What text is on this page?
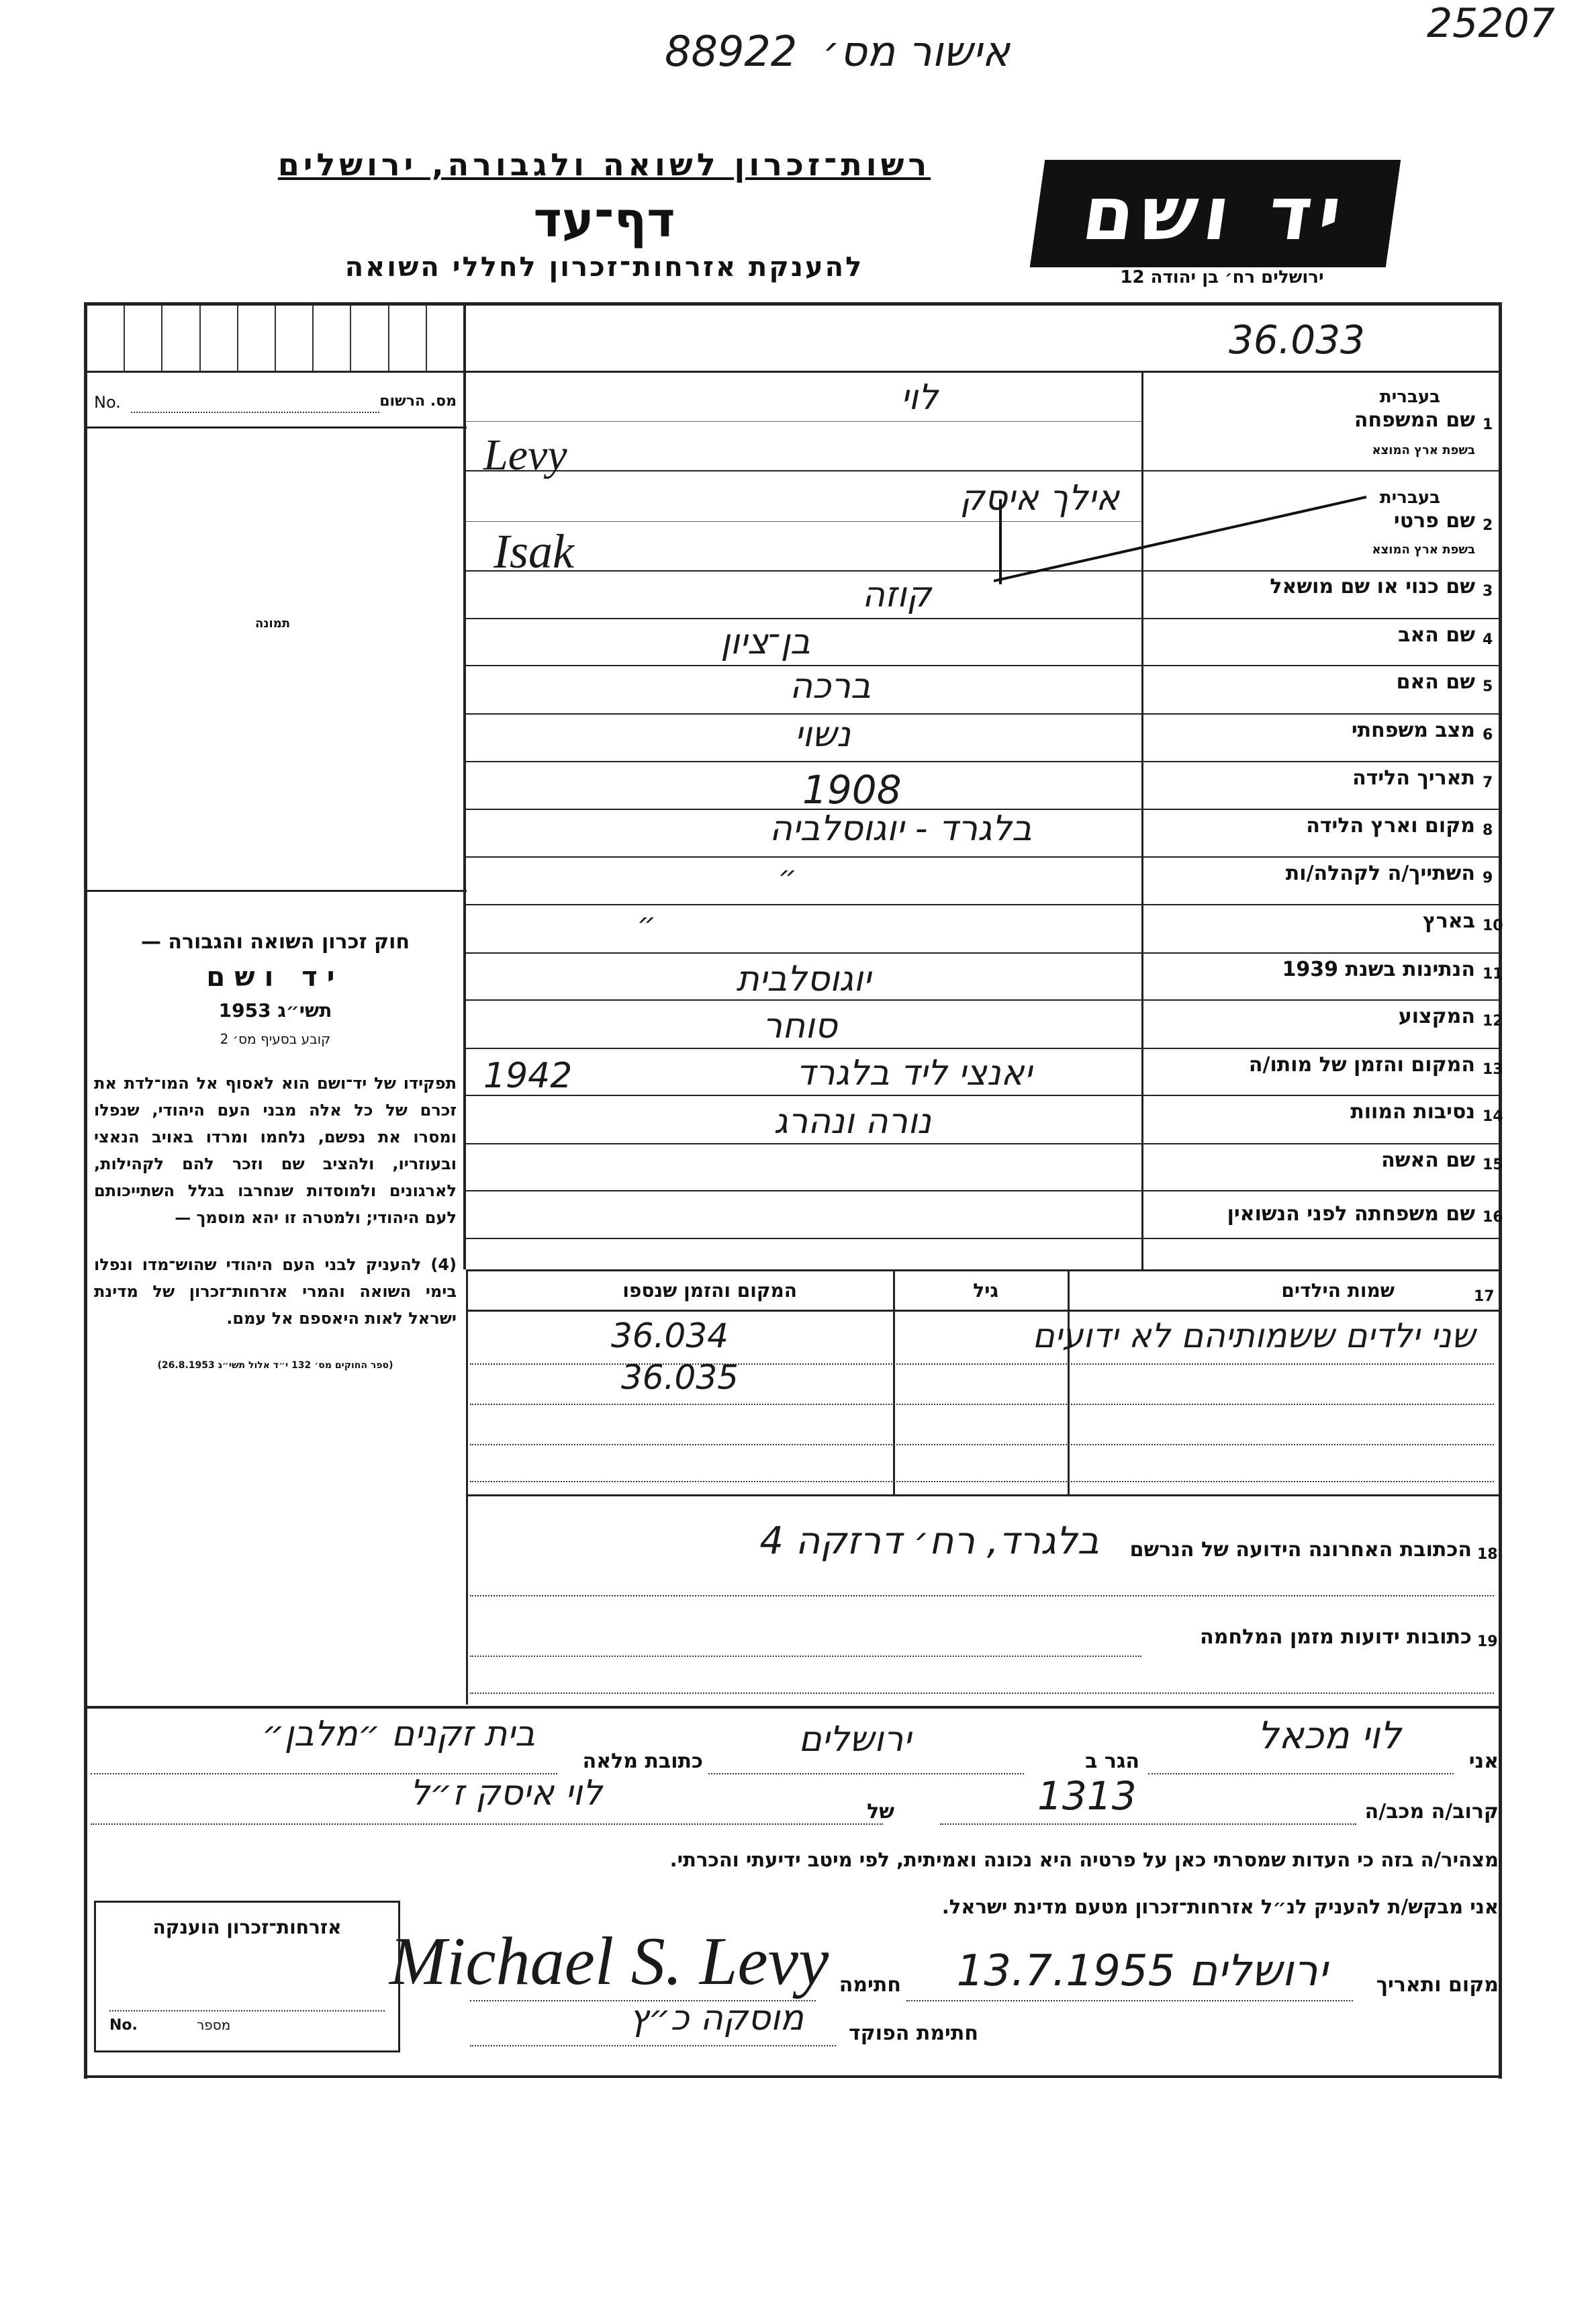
אישור מס׳ 88922
25207
רשות־זכרון לשואה ולגבורה, ירושלים
דף־עד
להענקת אזרחות־זכרון לחללי השואה
יד ושם
ירושלים רח׳ בן יהודה 12
36.033
No.	מס. הרשום
תמונה
חוק זכרון השואה והגבורה —
יד ושם
תשי״ג 1953
קובע בסעיף מס׳ 2
תפקידו של יד־ושם הוא לאסוף אל המו־לדת את זכרם של כל אלה מבני העם היהודי, שנפלו ומסרו את נפשם, נלחמו ומרדו באויב הנאצי ובעוזריו, ולהציב שם וזכר להם לקהילות, לארגונים ולמוסדות שנחרבו בגלל השתייכותם לעם היהודי; ולמטרה זו יהא מוסמך —
(4) להעניק לבני העם היהודי שהוש־מדו ונפלו בימי השואה והמרי אזרחות־זכרון של מדינת ישראל לאות היאספם אל עמם.
(ספר החוקים מס׳ 132 י״ד אלול תשי״ג 26.8.1953)
1
שם המשפחה
בעברית
בשפת ארץ המוצא
לוי
Levy
2
שם פרטי
בעברית
בשפת ארץ המוצא
אילך איסק
Isak
3
שם כנוי או שם מושאל
קוזה
4
שם האב
בן־ציון
5
שם האם
ברכה
6
מצב משפחתי
נשוי
7
תאריך הלידה
1908
8
מקום וארץ הלידה
בלגרד - יוגוסלביה
9
השתייך/ה לקהלה/ות
״
10
בארץ
״
11
הנתינות בשנת 1939
יוגוסלבית
12
המקצוע
סוחר
13
המקום והזמן של מותו/ה
יאנצי ליד בלגרד
1942
14
נסיבות המוות
נורה ונהרג
15
שם האשה
16
שם משפחתה לפני הנשואין
17
שמות הילדים
גיל
המקום והזמן שנספו
שני ילדים ששמותיהם לא ידועים
36.034
36.035
18
הכתובת האחרונה הידועה של הנרשם
בלגרד, רח׳ דרזקה 4
19
כתובות ידועות מזמן המלחמה
אני
לוי מכאל
הגר ב
ירושלים
כתובת מלאה
בית זקנים ״מלבן״
קרוב/ה מכב/ה
1313
של
לוי איסק ז״ל
מצהיר/ה בזה כי העדות שמסרתי כאן על פרטיה היא נכונה ואמיתית, לפי מיטב ידיעתי והכרתי.
אני מבקש/ת להעניק לנ״ל אזרחות־זכרון מטעם מדינת ישראל.
מקום ותאריך
ירושלים 13.7.1955
חתימה
Michael S. Levy
חתימת הפוקד
מוסקה כ״ץ
אזרחות־זכרון הוענקה
No.	מספר
